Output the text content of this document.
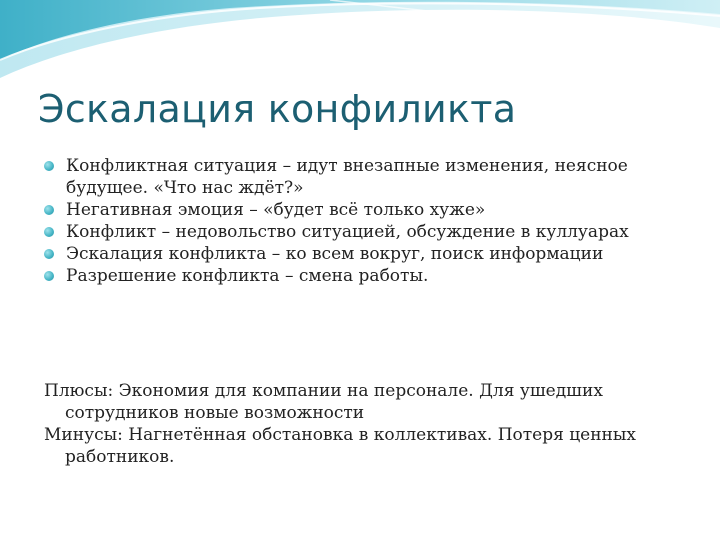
Эскалация конфиликта
Конфликтная ситуация – идут внезапные изменения, неясное будущее. «Что нас ждёт?»
Негативная эмоция – «будет всё только хуже»
Конфликт – недовольство ситуацией, обсуждение в куллуарах
Эскалация конфликта – ко всем вокруг, поиск информации
Разрешение конфликта – смена работы.

Плюсы: Экономия для компании на персонале. Для ушедших сотрудников новые возможности

Минусы: Нагнетённая обстановка в коллективах. Потеря ценных работников.
